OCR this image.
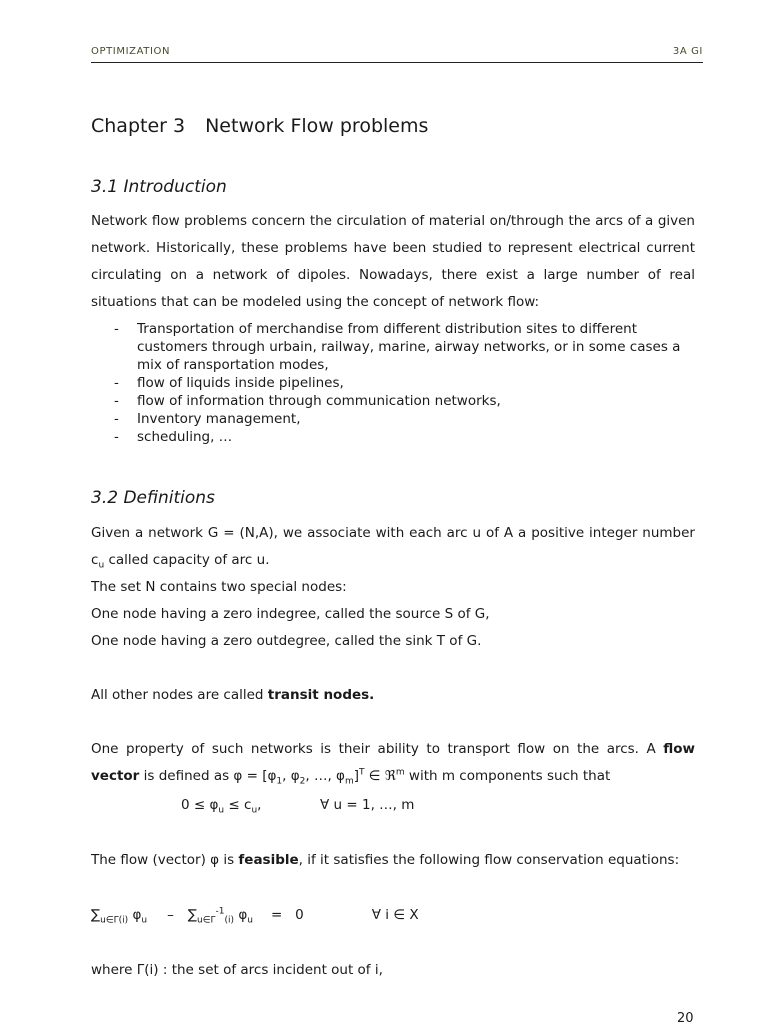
OPTIMIZATION	3A GI
Chapter 3 Network Flow problems
3.1 Introduction

Network flow problems concern the circulation of material on/through the arcs of a given network. Historically, these problems have been studied to represent electrical current circulating on a network of dipoles. Nowadays, there exist a large number of real situations that can be modeled using the concept of network flow:

- Transportation of merchandise from different distribution sites to different customers through urbain, railway, marine, airway networks, or in some cases a mix of ransportation modes,
- flow of liquids inside pipelines,
- flow of information through communication networks,
- Inventory management,
- scheduling, …
3.2 Definitions

Given a network G = (N,A), we associate with each arc u of A a positive integer number $c_u$ called capacity of arc u.

The set N contains two special nodes:

One node having a zero indegree, called the source S of G,

One node having a zero outdegree, called the sink T of G.

All other nodes are called transit nodes.

One property of such networks is their ability to transport flow on the arcs. A flow vector is defined as $\varphi = [\varphi_1$, $\varphi_2$, …, $\varphi_m]^T$ ∈ ℜ$^m$ with m components such that

$0 \le \varphi_u \le c_u$,	∀ u = 1, …, m

The flow (vector) φ is feasible, if it satisfies the following flow conservation equations:

$\sum_{u\in\Gamma(i)}$ $\varphi_u - \sum_{u\in\Gamma}^{-1}_{(i)}$ $\varphi_u = 0$	∀ i ∈ X

where Γ(i) : the set of arcs incident out of i,

20
